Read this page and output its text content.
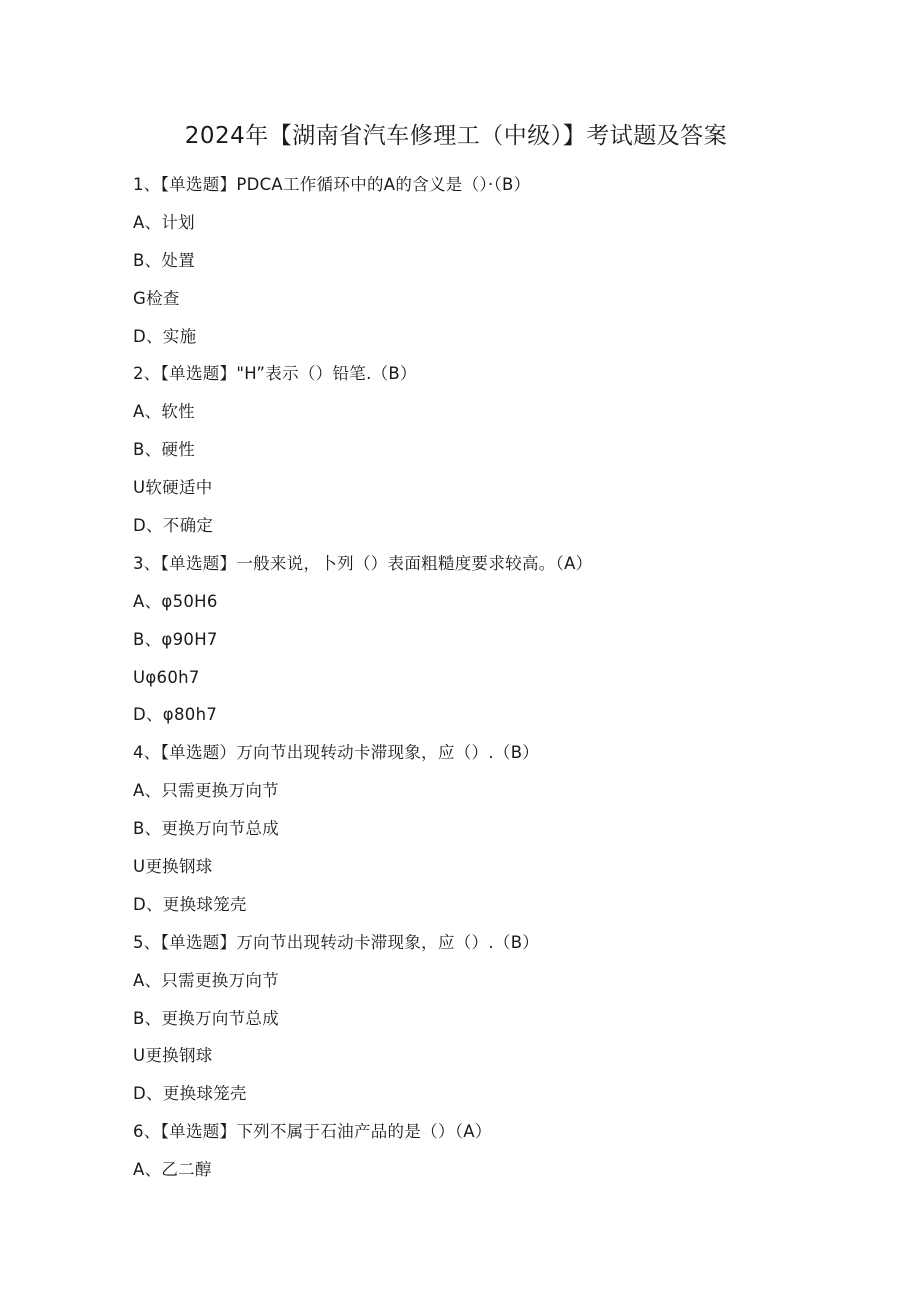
2024年【湖南省汽车修理工（中级）】考试题及答案
1、【单选题】PDCA工作循环中的A的含义是（）·（B）
A、计划
B、处置
G检查
D、实施
2、【单选题】"H”表示（）铅笔.（B）
A、软性
B、硬性
U软硬适中
D、不确定
3、【单选题】一般来说，卜列（）表面粗糙度要求较高。（A）
A、φ50H6
B、φ90H7
Uφ60h7
D、φ80h7
4、【单选题）万向节出现转动卡滞现象，应（）.（B）
A、只需更换万向节
B、更换万向节总成
U更换钢球
D、更换球笼壳
5、【单选题】万向节出现转动卡滞现象，应（）.（B）
A、只需更换万向节
B、更换万向节总成
U更换钢球
D、更换球笼壳
6、【单选题】下列不属于石油产品的是（）（A）
A、乙二醇
